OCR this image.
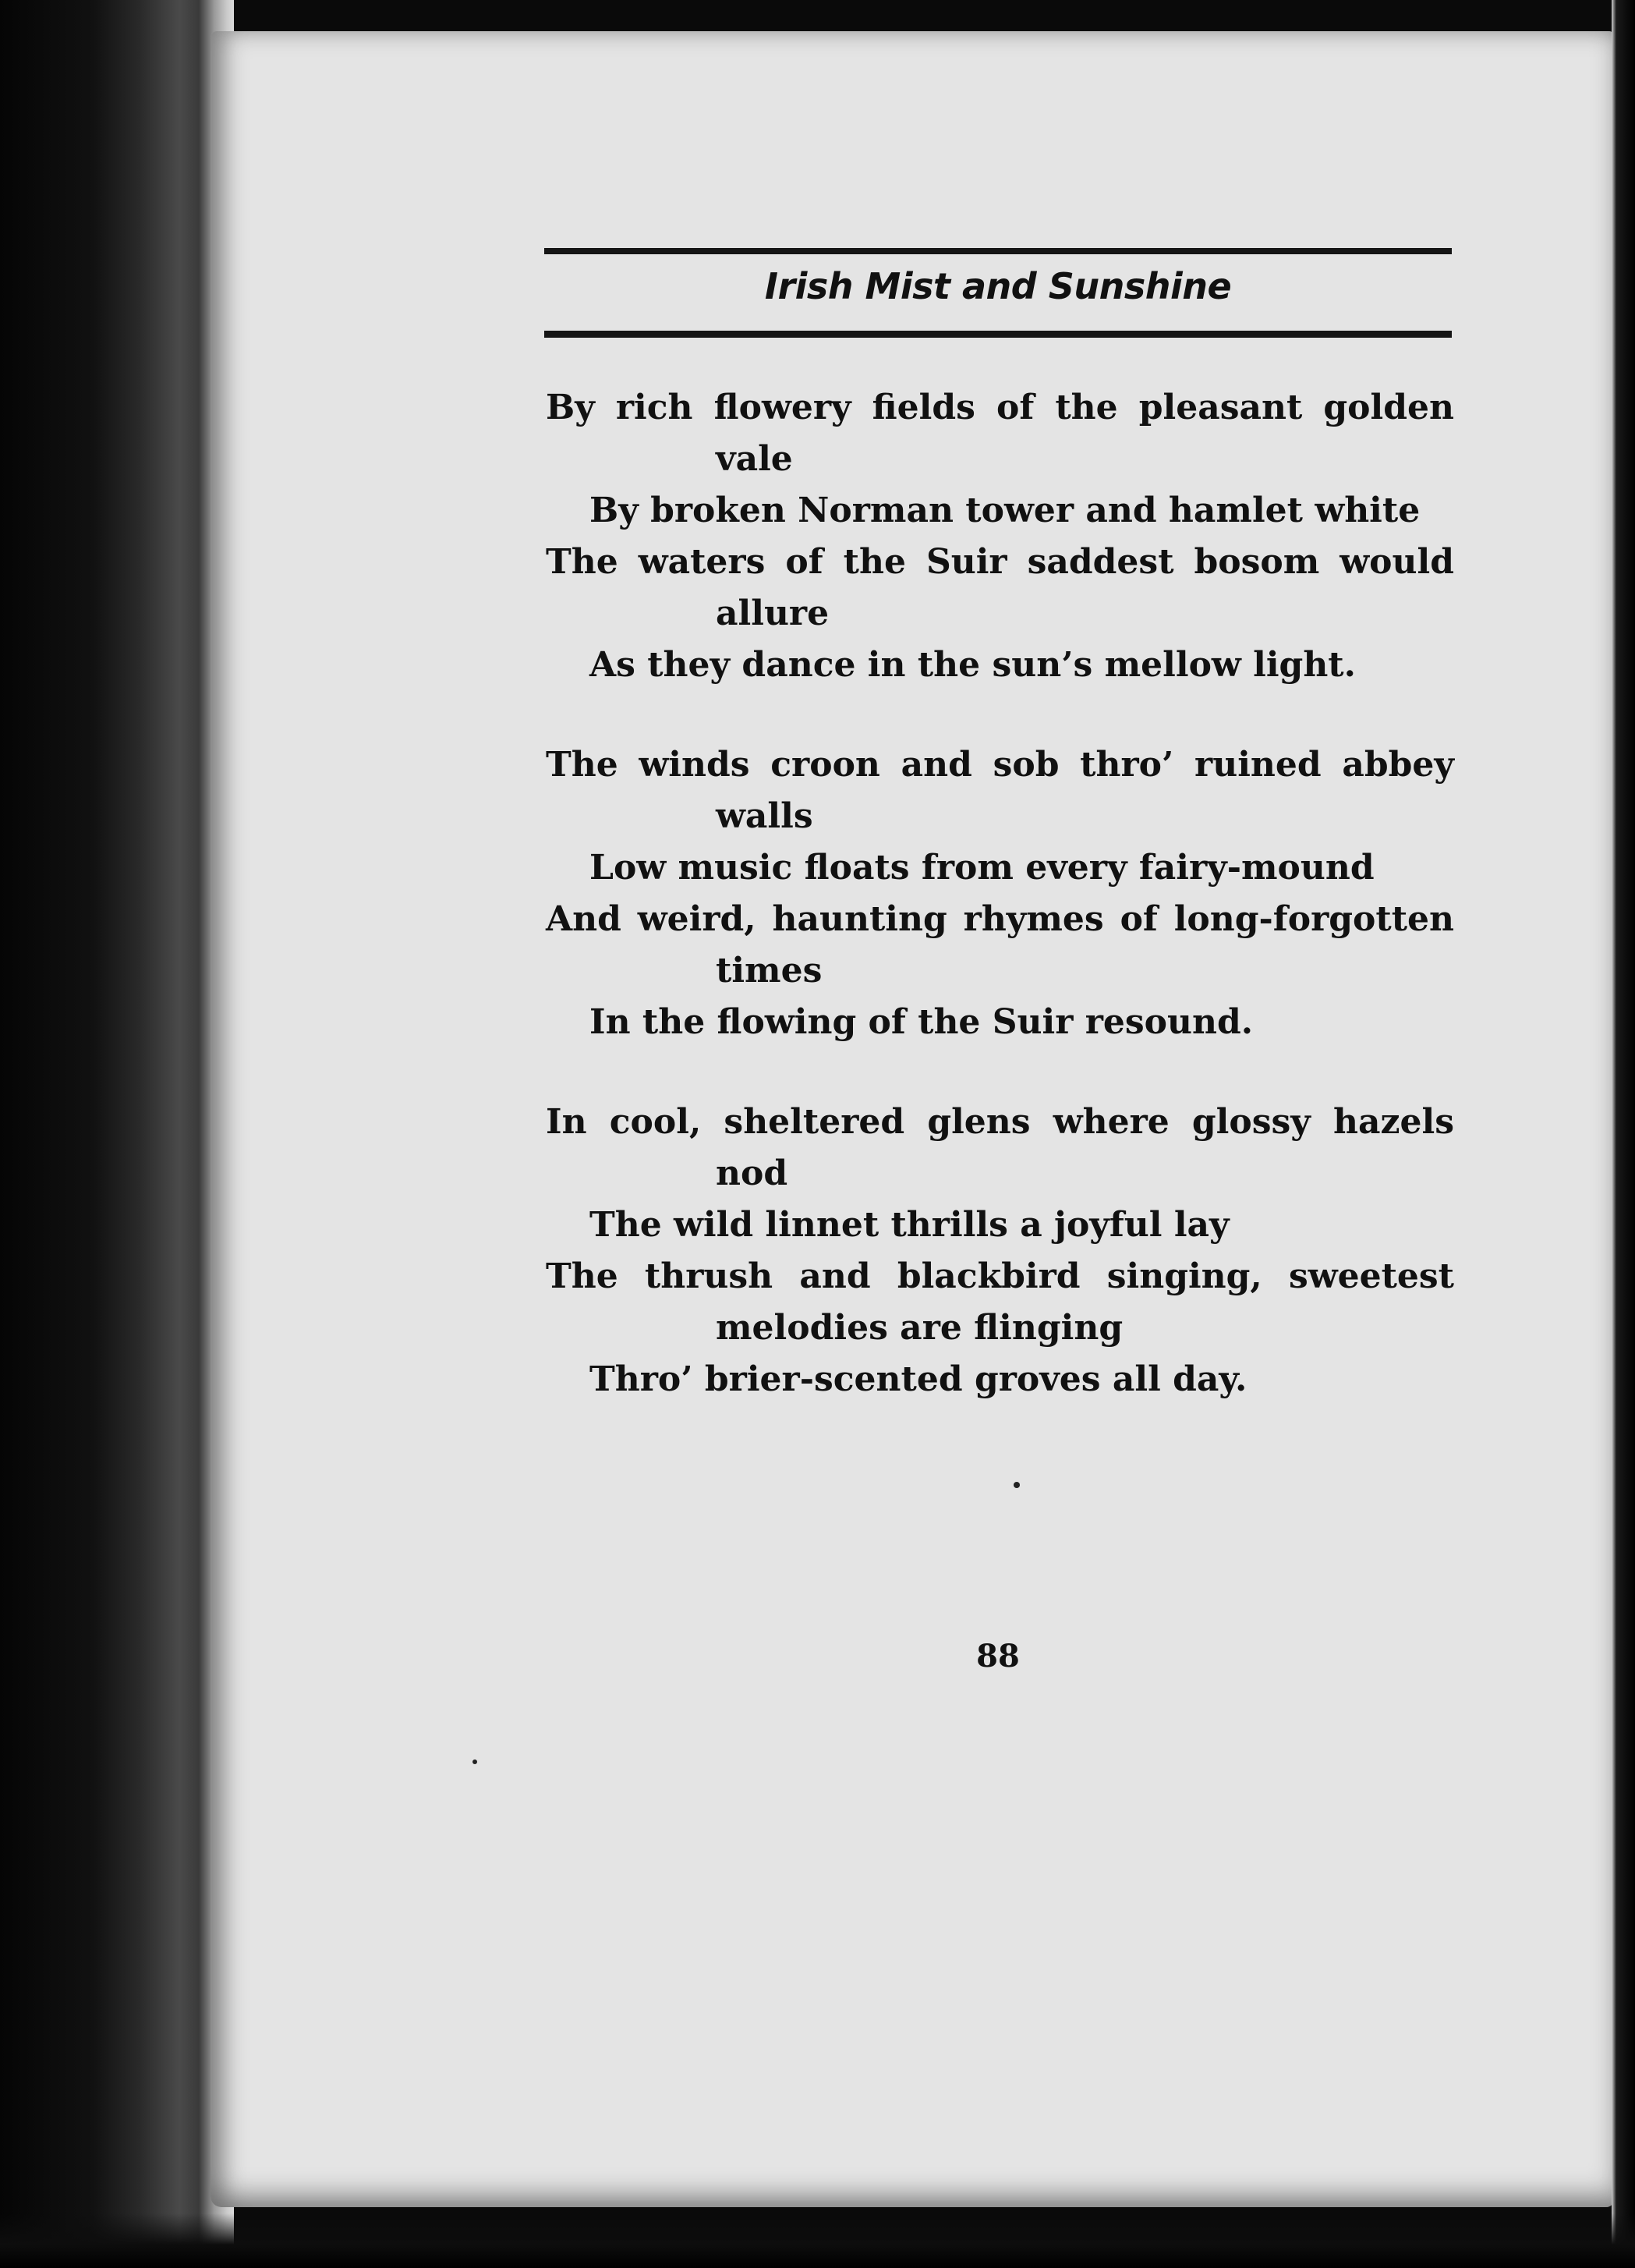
Irish Mist and Sunshine
By rich flowery fields of the pleasant golden
vale
By broken Norman tower and hamlet white
The waters of the Suir saddest bosom would
allure
As they dance in the sun’s mellow light.
The winds croon and sob thro’ ruined abbey
walls
Low music floats from every fairy-mound
And weird, haunting rhymes of long-forgotten
times
In the flowing of the Suir resound.
In cool, sheltered glens where glossy hazels
nod
The wild linnet thrills a joyful lay
The thrush and blackbird singing, sweetest
melodies are flinging
Thro’ brier-scented groves all day.
88
